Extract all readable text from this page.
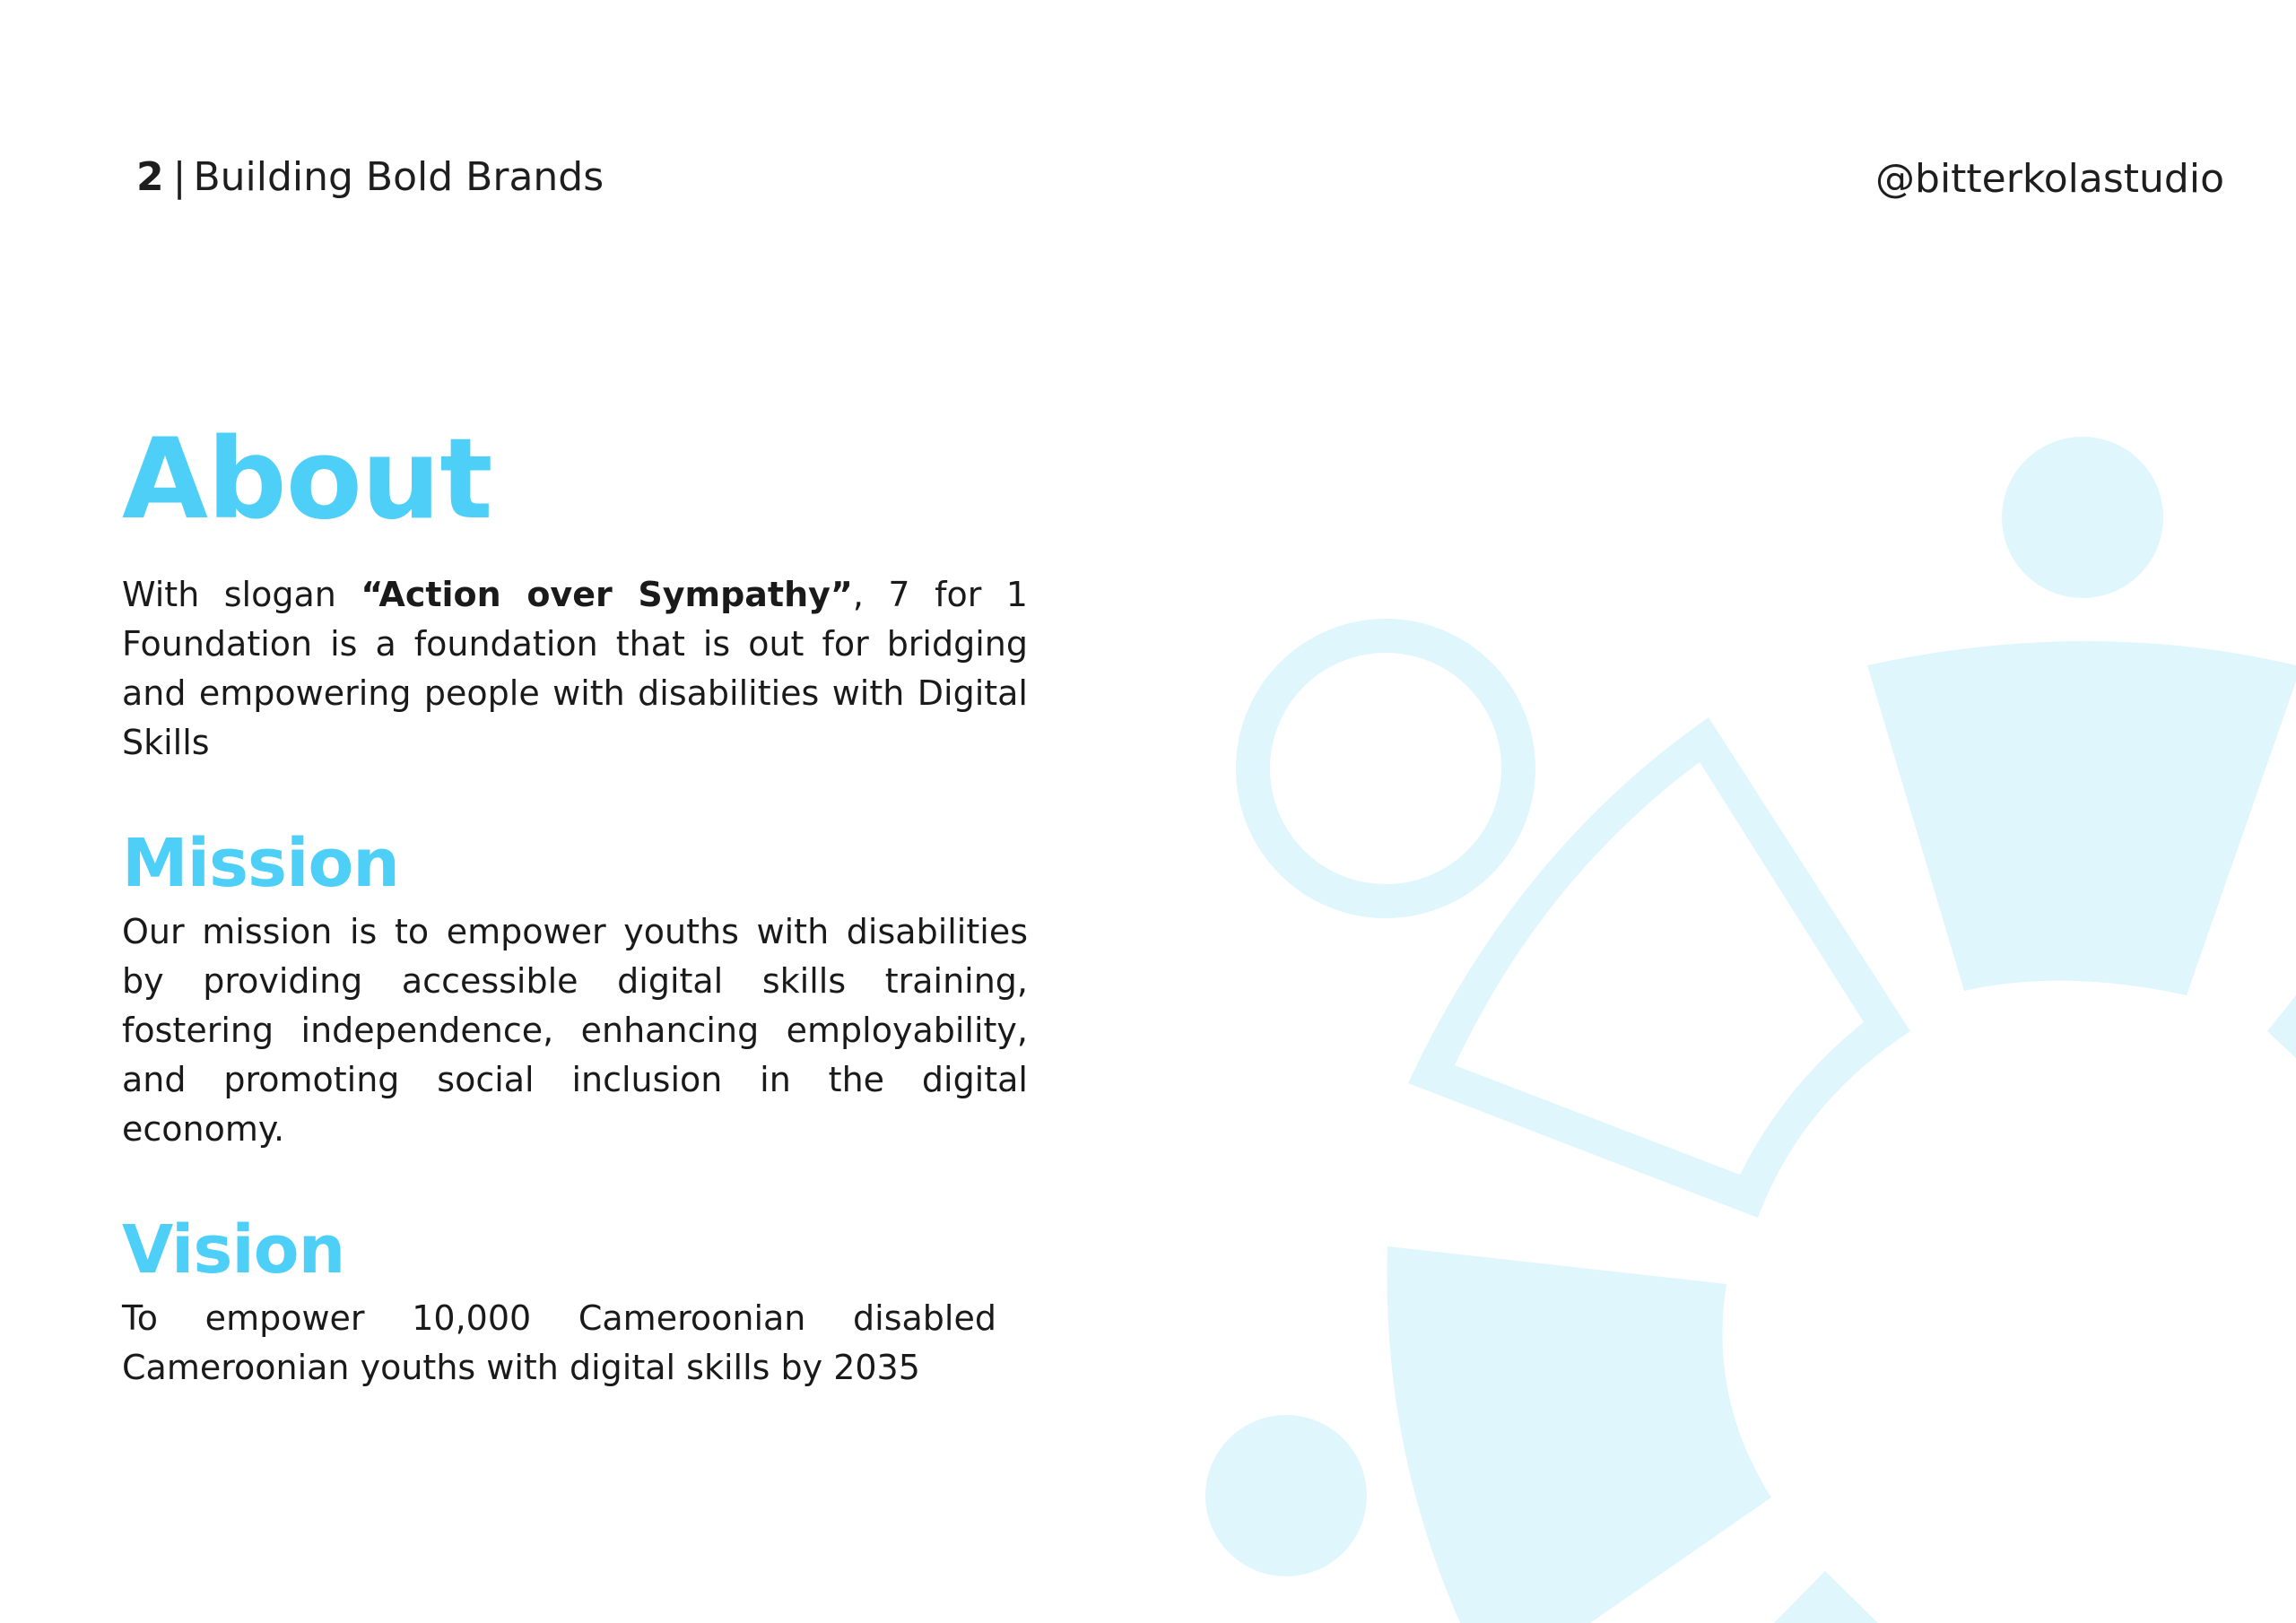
2 | Building Bold Brands	@bitterkolastudio
About

With slogan “Action over Sympathy”, 7 for 1 Foundation is a foundation that is out for bridging and empowering people with disabilities with Digital Skills

Mission

Our mission is to empower youths with disabilities by providing accessible digital skills training, fostering independence, enhancing employability, and promoting social inclusion in the digital economy.

Vision

To empower 10,000 Cameroonian disabled Cameroonian youths with digital skills by 2035
